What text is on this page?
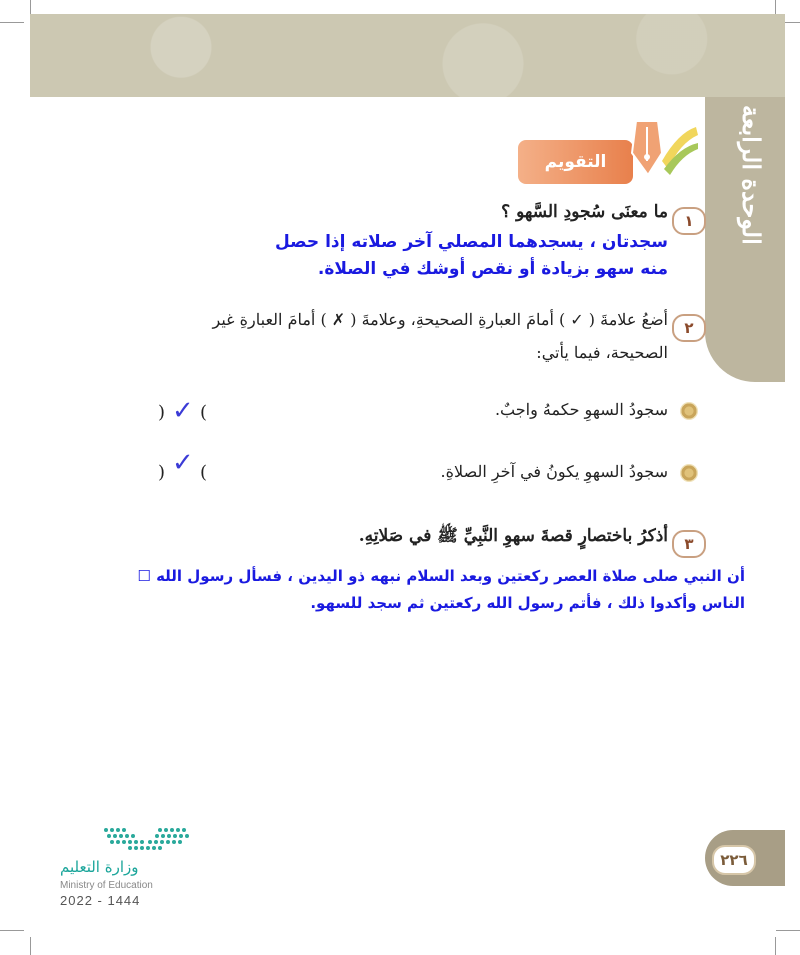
الوحدة الرابعة
التقويم
١
ما معنَى سُجودِ السَّهو ؟
سجدتان ، يسجدهما المصلي آخر صلاته إذا حصل
منه سهو بزيادة أو نقص أوشك في الصلاة.
٢
أضعُ علامةَ ( ✓ ) أمامَ العبارةِ الصحيحةِ، وعلامةَ ( ✗ ) أمامَ العبارةِ غير
الصحيحة، فيما يأتي:
سجودُ السهوِ حكمهُ واجبٌ.
(
) ✓
سجودُ السهوِ يكونُ في آخرِ الصلاةِ.
(
) ✓
٣
أذكرُ باختصارٍ قصةَ سهوِ النَّبِيِّ ﷺ في صَلاتِهِ.
أن النبي صلى صلاة العصر ركعتين وبعد السلام نبهه ذو اليدين ، فسأل رسول الله ☐
الناس وأكدوا ذلك ، فأتم رسول الله ركعتين ثم سجد للسهو.
٢٢٦
وزارة التعليم
Ministry of Education
2022 - 1444
